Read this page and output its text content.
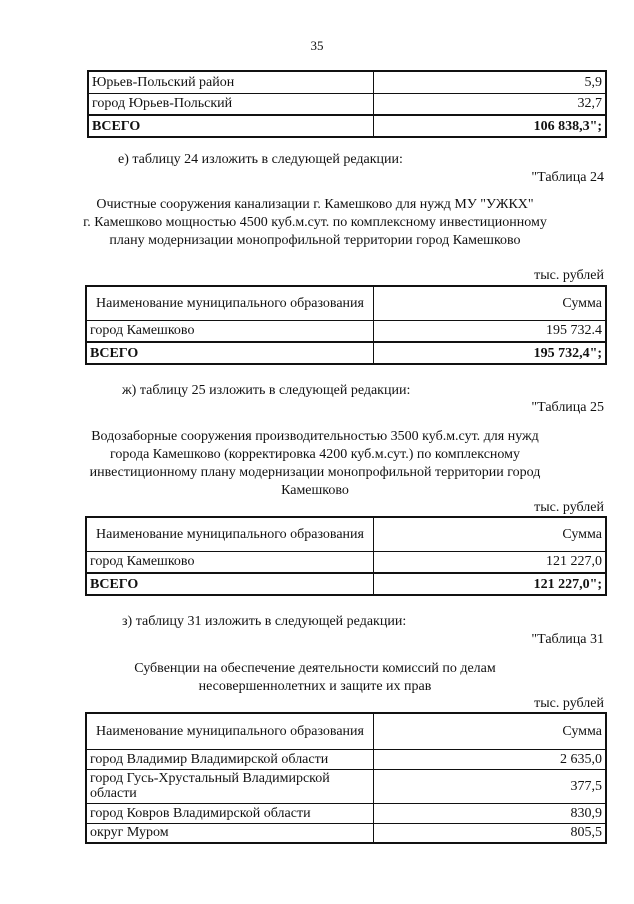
35
Юрьев-Польский район	5,9
город Юрьев-Польский	32,7
ВСЕГО	106 838,3";
е) таблицу 24 изложить в следующей редакции:
"Таблица 24
Очистные сооружения канализации г. Камешково для нужд МУ "УЖКХ"
г. Камешково мощностью 4500 куб.м.сут. по комплексному инвестиционному
плану модернизации монопрофильной территории город Камешково
тыс. рублей
Наименование муниципального образования	Сумма
город Камешково	195 732.4
ВСЕГО	195 732,4";
ж) таблицу 25 изложить в следующей редакции:
"Таблица 25
Водозаборные сооружения производительностью 3500 куб.м.сут. для нужд
города Камешково (корректировка 4200 куб.м.сут.) по комплексному
инвестиционному плану модернизации монопрофильной территории город
Камешково
тыс. рублей
Наименование муниципального образования	Сумма
город Камешково	121 227,0
ВСЕГО	121 227,0";
з) таблицу 31 изложить в следующей редакции:
"Таблица 31
Субвенции на обеспечение деятельности комиссий по делам
несовершеннолетних и защите их прав
тыс. рублей
Наименование муниципального образования	Сумма
город Владимир Владимирской области	2 635,0
город Гусь-Хрустальный Владимирской области	377,5
город Ковров Владимирской области	830,9
округ Муром	805,5
